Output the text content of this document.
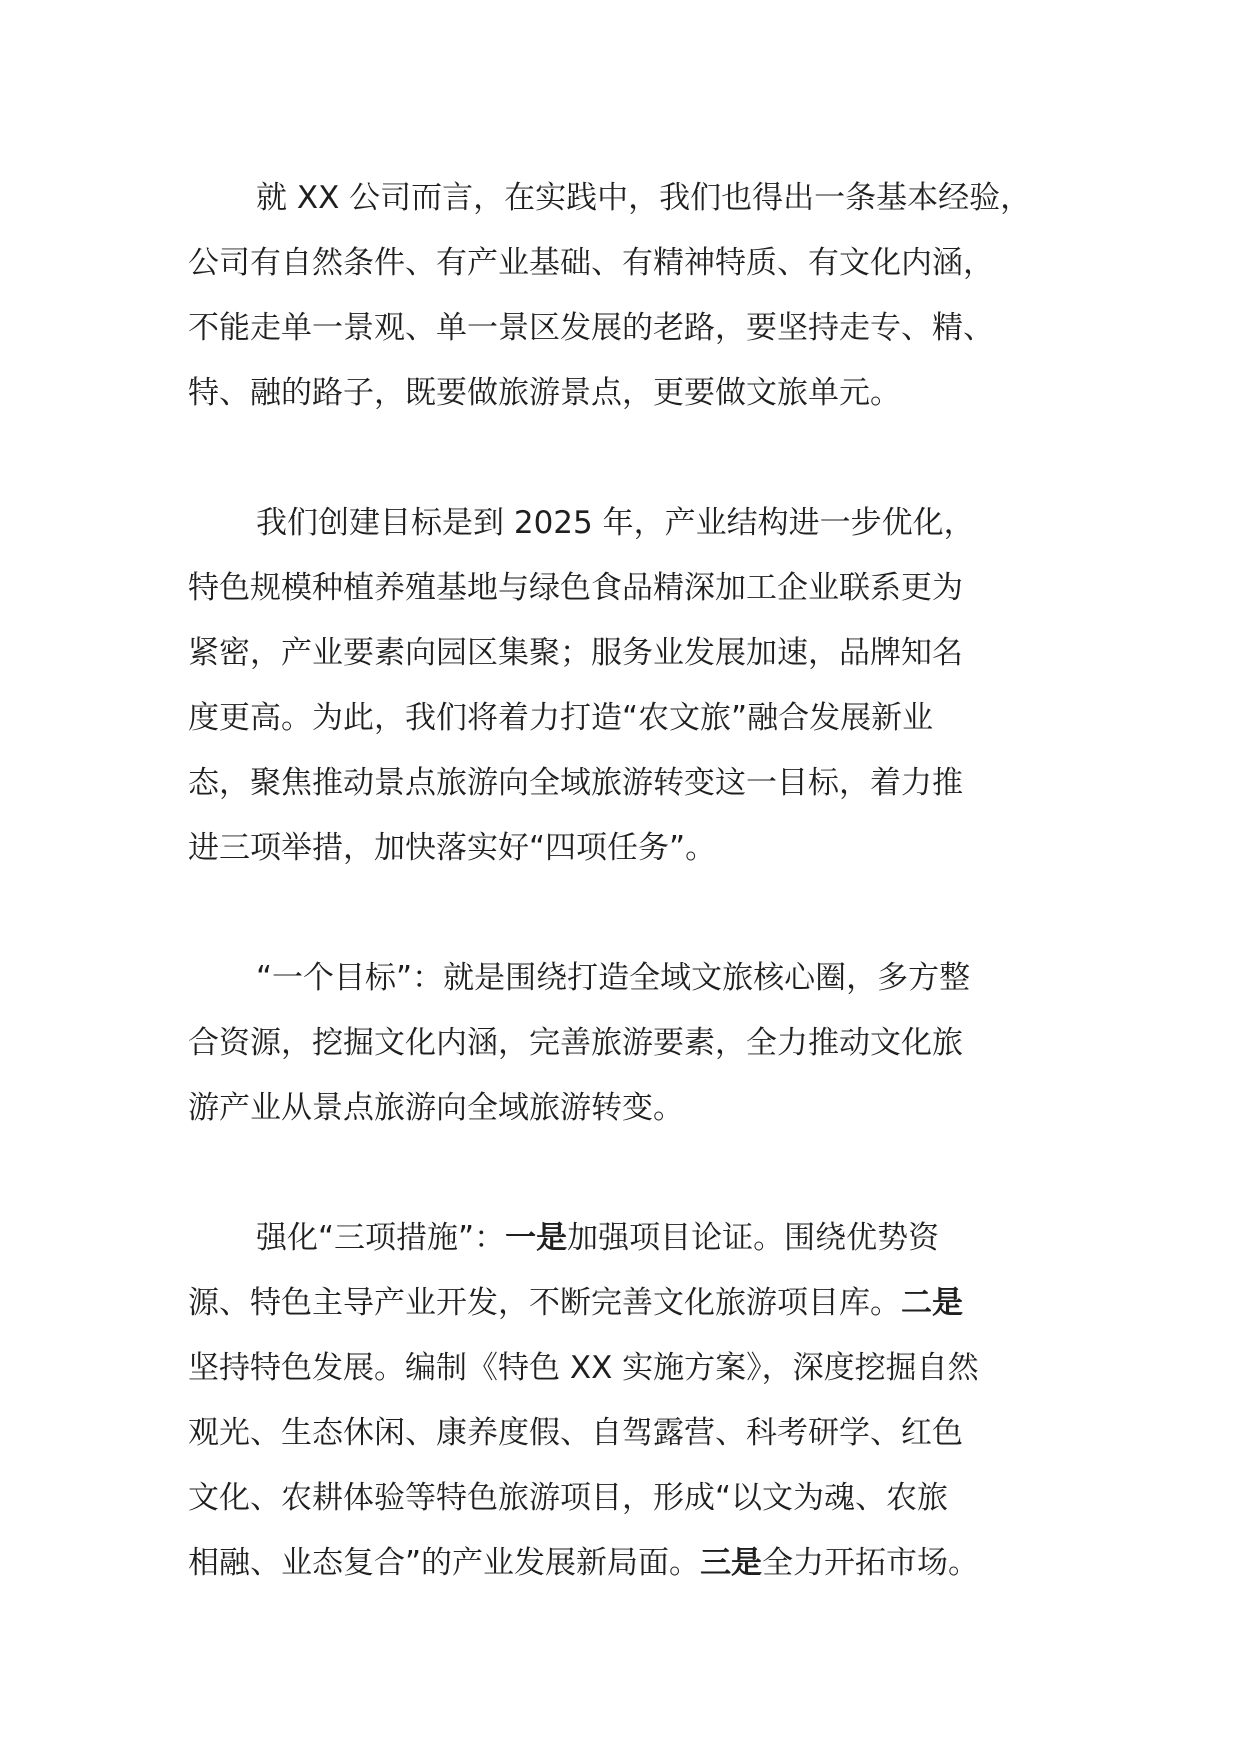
就 XX 公司而言，在实践中，我们也得出一条基本经验，
公司有自然条件、有产业基础、有精神特质、有文化内涵，
不能走单一景观、单一景区发展的老路，要坚持走专、精、
特、融的路子，既要做旅游景点，更要做文旅单元。
我们创建目标是到 2025 年，产业结构进一步优化，
特色规模种植养殖基地与绿色食品精深加工企业联系更为
紧密，产业要素向园区集聚；服务业发展加速，品牌知名
度更高。为此，我们将着力打造“农文旅”融合发展新业
态，聚焦推动景点旅游向全域旅游转变这一目标，着力推
进三项举措，加快落实好“四项任务”。
“一个目标”：就是围绕打造全域文旅核心圈，多方整
合资源，挖掘文化内涵，完善旅游要素，全力推动文化旅
游产业从景点旅游向全域旅游转变。
强化“三项措施”：一是加强项目论证。围绕优势资
源、特色主导产业开发，不断完善文化旅游项目库。二是
坚持特色发展。编制《特色 XX 实施方案》，深度挖掘自然
观光、生态休闲、康养度假、自驾露营、科考研学、红色
文化、农耕体验等特色旅游项目，形成“以文为魂、农旅
相融、业态复合”的产业发展新局面。三是全力开拓市场。
